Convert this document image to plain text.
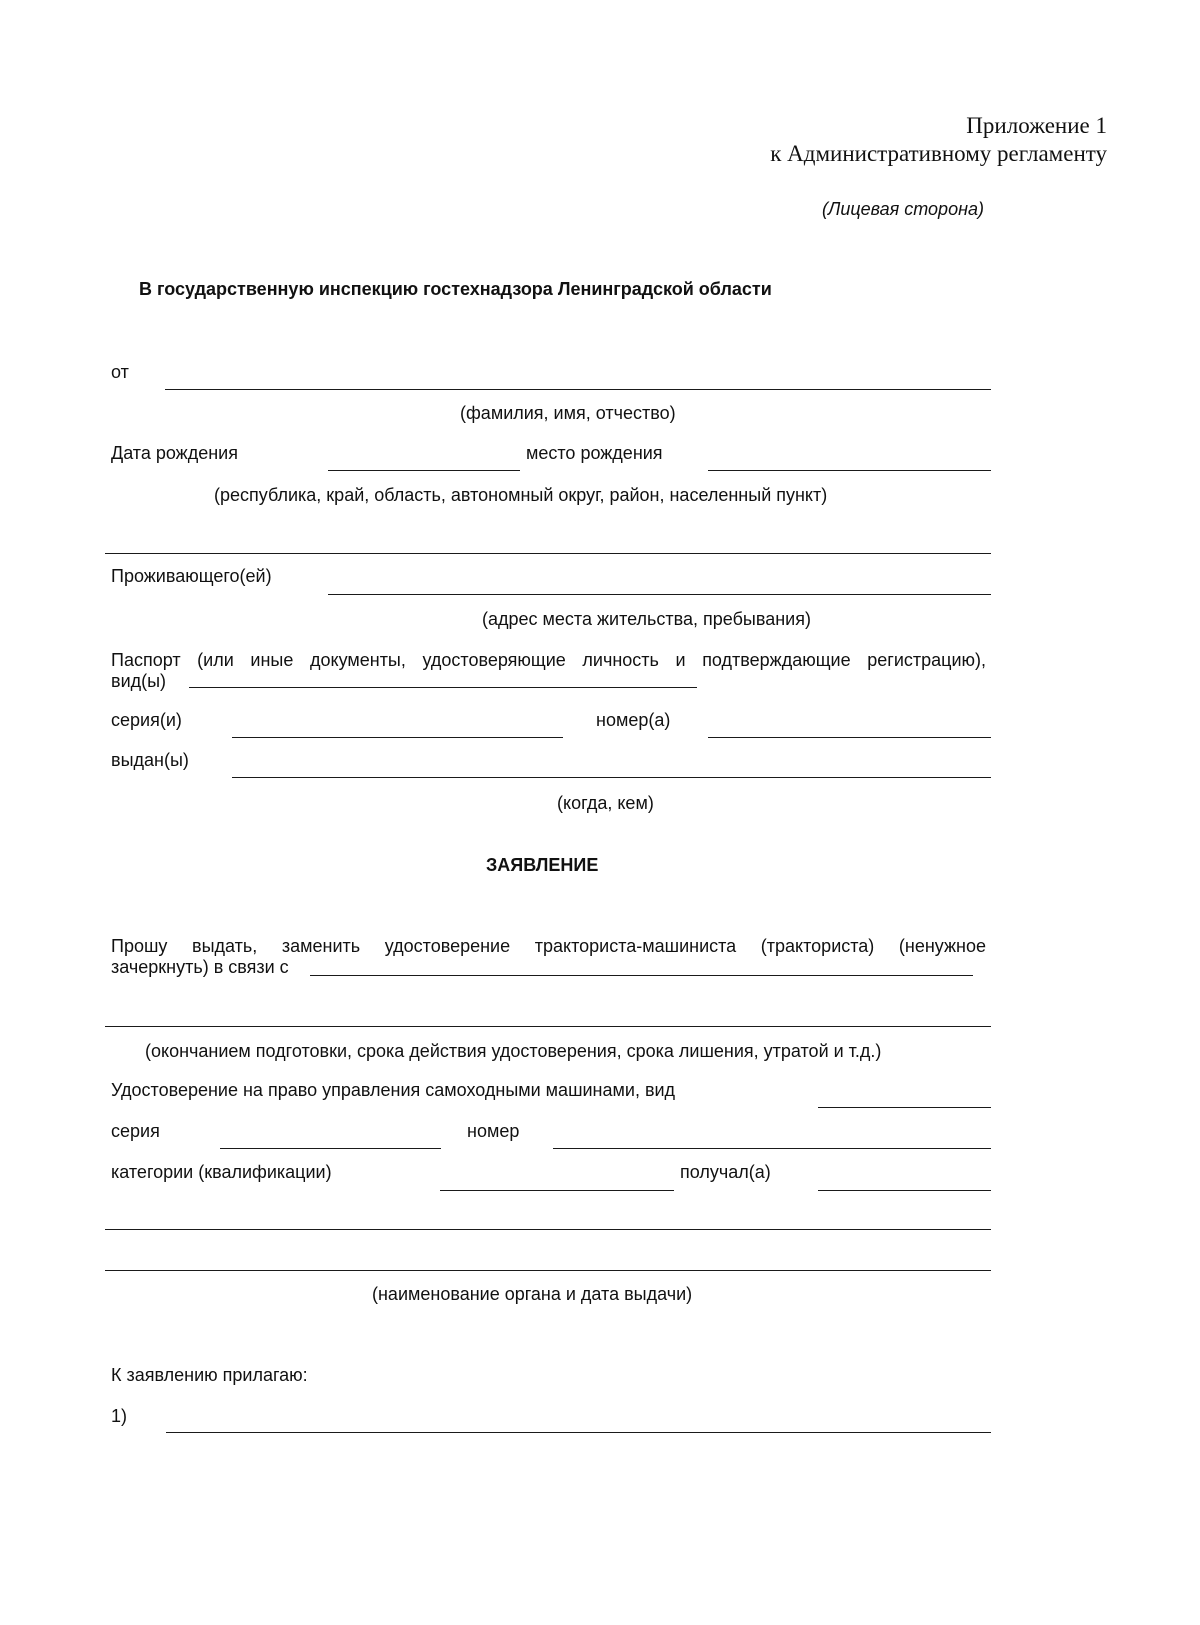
Приложение 1
к Административному регламенту
(Лицевая сторона)
В государственную инспекцию гостехнадзора Ленинградской области
от
(фамилия, имя, отчество)
Дата рождения	место рождения
(республика, край, область, автономный округ, район, населенный пункт)
Проживающего(ей)
(адрес места жительства, пребывания)
Паспорт (или иные документы, удостоверяющие личность и подтверждающие регистрацию),
вид(ы)
серия(и)	номер(а)
выдан(ы)
(когда, кем)
ЗАЯВЛЕНИЕ
Прошу выдать, заменить удостоверение тракториста-машиниста (тракториста) (ненужное
зачеркнуть) в связи с
(окончанием подготовки, срока действия удостоверения, срока лишения, утратой и т.д.)
Удостоверение на право управления самоходными машинами, вид
серия	номер
категории (квалификации)	получал(а)
(наименование органа и дата выдачи)
К заявлению прилагаю:
1)
